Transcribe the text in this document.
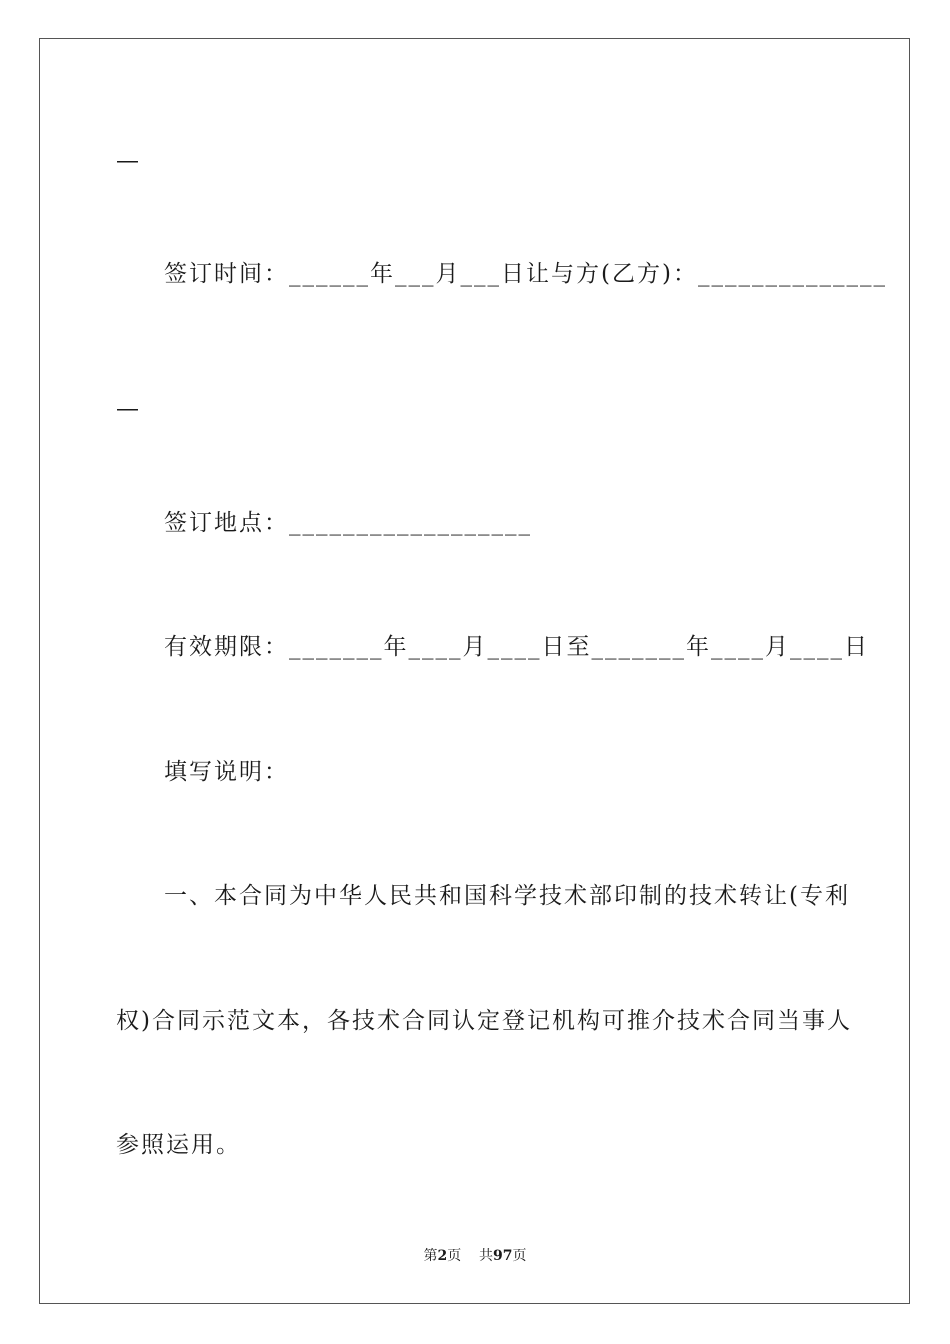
—
签订时间：______年___月___日让与方(乙方)：______________
—
签订地点：__________________
有效期限：_______年____月____日至_______年____月____日
填写说明：
一、本合同为中华人民共和国科学技术部印制的技术转让(专利
权)合同示范文本，各技术合同认定登记机构可推介技术合同当事人
参照运用。
第2页    共97页
